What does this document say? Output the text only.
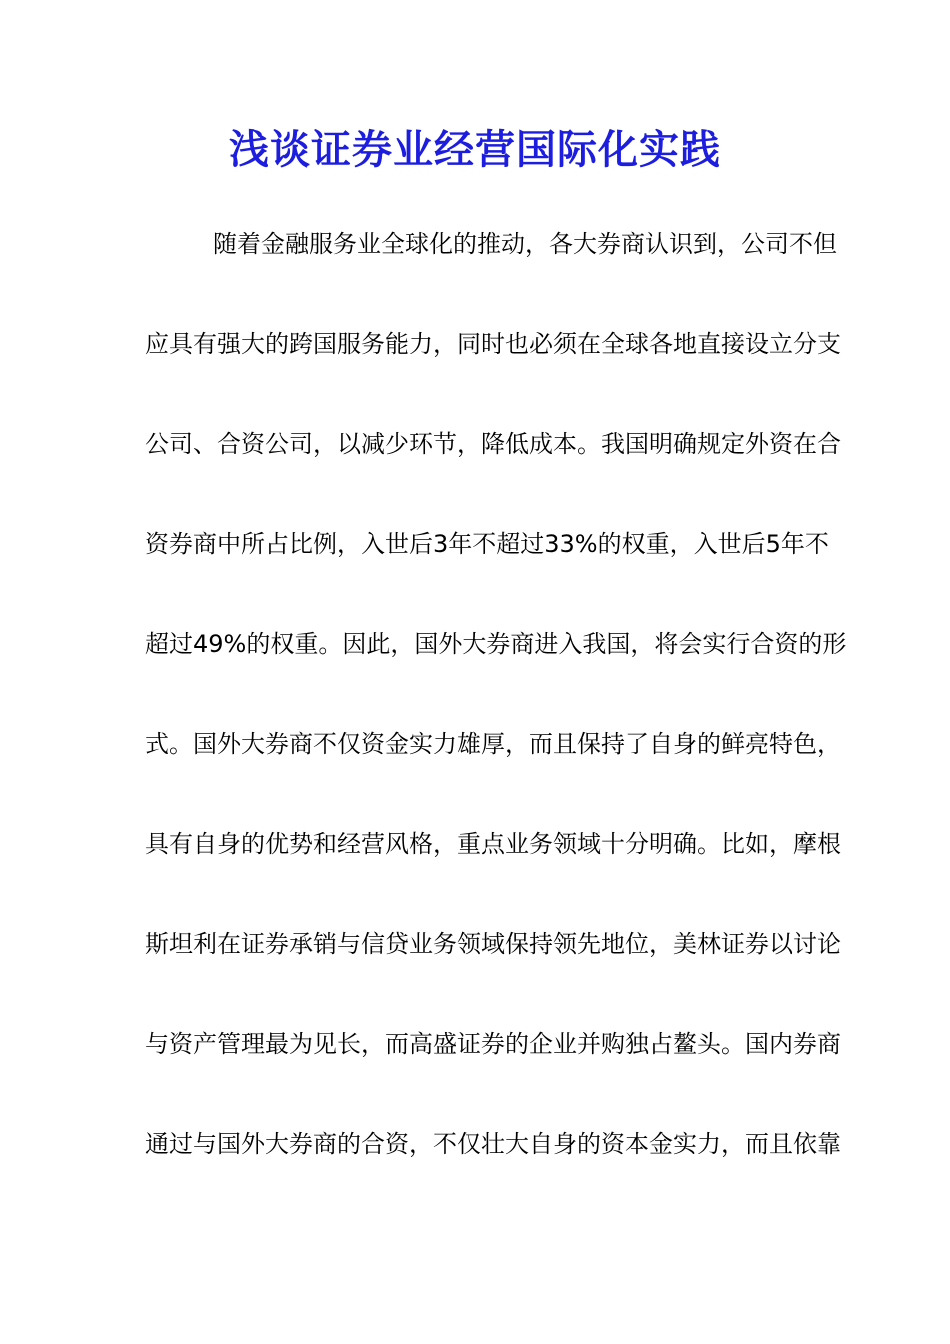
浅谈证券业经营国际化实践
随着金融服务业全球化的推动，各大券商认识到，公司不但
应具有强大的跨国服务能力，同时也必须在全球各地直接设立分支
公司、合资公司，以减少环节，降低成本。我国明确规定外资在合
资券商中所占比例，入世后3年不超过33%的权重，入世后5年不
超过49%的权重。因此，国外大券商进入我国，将会实行合资的形
式。国外大券商不仅资金实力雄厚，而且保持了自身的鲜亮特色，
具有自身的优势和经营风格，重点业务领域十分明确。比如，摩根
斯坦利在证券承销与信贷业务领域保持领先地位，美林证券以讨论
与资产管理最为见长，而高盛证券的企业并购独占鳌头。国内券商
通过与国外大券商的合资，不仅壮大自身的资本金实力，而且依靠
